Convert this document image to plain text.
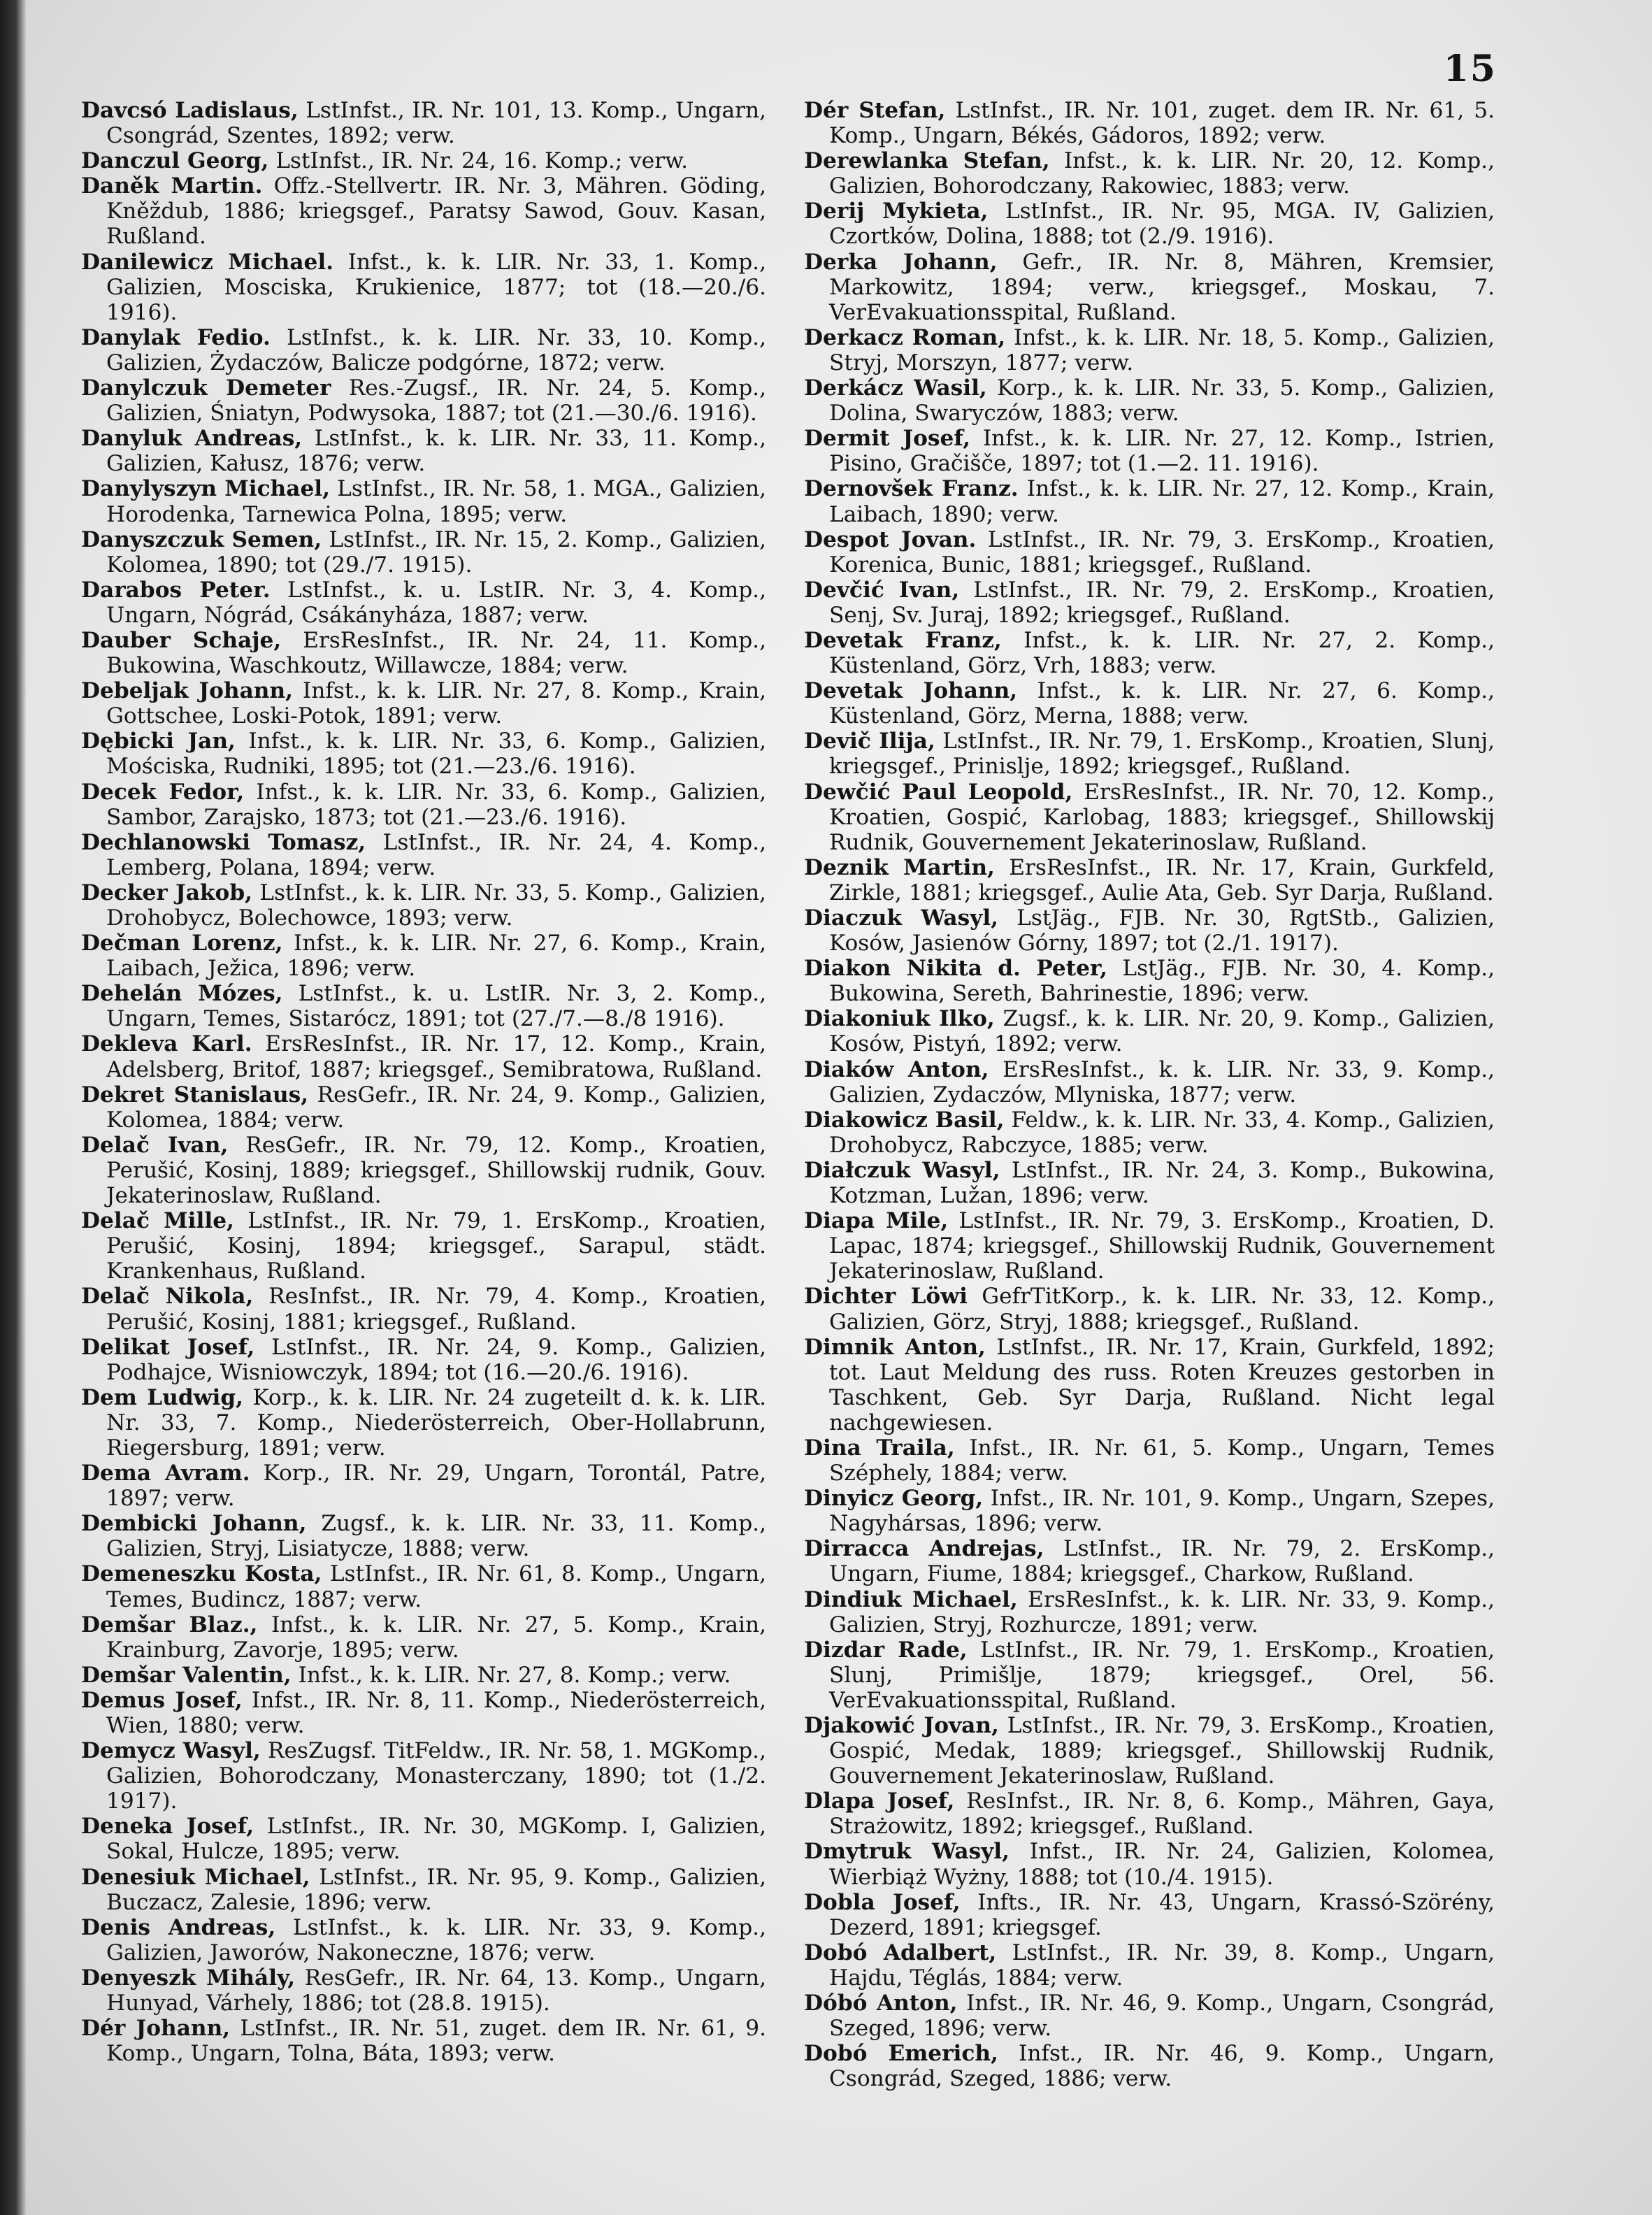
15
Davcsó Ladislaus, LstInfst., IR. Nr. 101, 13. Komp., Ungarn, Csongrád, Szentes, 1892; verw.
Danczul Georg, LstInfst., IR. Nr. 24, 16. Komp.; verw.
Daněk Martin. Offz.-Stellvertr. IR. Nr. 3, Mähren. Göding, Kněždub, 1886; kriegsgef., Paratsy Sawod, Gouv. Kasan, Rußland.
Danilewicz Michael. Infst., k. k. LIR. Nr. 33, 1. Komp., Galizien, Mosciska, Krukienice, 1877; tot (18.—20./6. 1916).
Danylak Fedio. LstInfst., k. k. LIR. Nr. 33, 10. Komp., Galizien, Żydaczów, Balicze podgórne, 1872; verw.
Danylczuk Demeter Res.-Zugsf., IR. Nr. 24, 5. Komp., Galizien, Śniatyn, Podwysoka, 1887; tot (21.—30./6. 1916).
Danyluk Andreas, LstInfst., k. k. LIR. Nr. 33, 11. Komp., Galizien, Kałusz, 1876; verw.
Danylyszyn Michael, LstInfst., IR. Nr. 58, 1. MGA., Galizien, Horodenka, Tarnewica Polna, 1895; verw.
Danyszczuk Semen, LstInfst., IR. Nr. 15, 2. Komp., Galizien, Kolomea, 1890; tot (29./7. 1915).
Darabos Peter. LstInfst., k. u. LstIR. Nr. 3, 4. Komp., Ungarn, Nógrád, Csákányháza, 1887; verw.
Dauber Schaje, ErsResInfst., IR. Nr. 24, 11. Komp., Bukowina, Waschkoutz, Willawcze, 1884; verw.
Debeljak Johann, Infst., k. k. LIR. Nr. 27, 8. Komp., Krain, Gottschee, Loski-Potok, 1891; verw.
Dębicki Jan, Infst., k. k. LIR. Nr. 33, 6. Komp., Galizien, Mościska, Rudniki, 1895; tot (21.—23./6. 1916).
Decek Fedor, Infst., k. k. LIR. Nr. 33, 6. Komp., Galizien, Sambor, Zarajsko, 1873; tot (21.—23./6. 1916).
Dechlanowski Tomasz, LstInfst., IR. Nr. 24, 4. Komp., Lemberg, Polana, 1894; verw.
Decker Jakob, LstInfst., k. k. LIR. Nr. 33, 5. Komp., Galizien, Drohobycz, Bolechowce, 1893; verw.
Dečman Lorenz, Infst., k. k. LIR. Nr. 27, 6. Komp., Krain, Laibach, Ježica, 1896; verw.
Dehelán Mózes, LstInfst., k. u. LstIR. Nr. 3, 2. Komp., Ungarn, Temes, Sistarócz, 1891; tot (27./7.—8./8 1916).
Dekleva Karl. ErsResInfst., IR. Nr. 17, 12. Komp., Krain, Adelsberg, Britof, 1887; kriegsgef., Semibratowa, Rußland.
Dekret Stanislaus, ResGefr., IR. Nr. 24, 9. Komp., Galizien, Kolomea, 1884; verw.
Delač Ivan, ResGefr., IR. Nr. 79, 12. Komp., Kroatien, Perušić, Kosinj, 1889; kriegsgef., Shillowskij rudnik, Gouv. Jekaterinoslaw, Rußland.
Delač Mille, LstInfst., IR. Nr. 79, 1. ErsKomp., Kroatien, Perušić, Kosinj, 1894; kriegsgef., Sarapul, städt. Krankenhaus, Rußland.
Delač Nikola, ResInfst., IR. Nr. 79, 4. Komp., Kroatien, Perušić, Kosinj, 1881; kriegsgef., Rußland.
Delikat Josef, LstInfst., IR. Nr. 24, 9. Komp., Galizien, Podhajce, Wisniowczyk, 1894; tot (16.—20./6. 1916).
Dem Ludwig, Korp., k. k. LIR. Nr. 24 zugeteilt d. k. k. LIR. Nr. 33, 7. Komp., Niederösterreich, Ober-Hollabrunn, Riegersburg, 1891; verw.
Dema Avram. Korp., IR. Nr. 29, Ungarn, Torontál, Patre, 1897; verw.
Dembicki Johann, Zugsf., k. k. LIR. Nr. 33, 11. Komp., Galizien, Stryj, Lisiatycze, 1888; verw.
Demeneszku Kosta, LstInfst., IR. Nr. 61, 8. Komp., Ungarn, Temes, Budincz, 1887; verw.
Demšar Blaz., Infst., k. k. LIR. Nr. 27, 5. Komp., Krain, Krainburg, Zavorje, 1895; verw.
Demšar Valentin, Infst., k. k. LIR. Nr. 27, 8. Komp.; verw.
Demus Josef, Infst., IR. Nr. 8, 11. Komp., Niederösterreich, Wien, 1880; verw.
Demycz Wasyl, ResZugsf. TitFeldw., IR. Nr. 58, 1. MGKomp., Galizien, Bohorodczany, Monasterczany, 1890; tot (1./2. 1917).
Deneka Josef, LstInfst., IR. Nr. 30, MGKomp. I, Galizien, Sokal, Hulcze, 1895; verw.
Denesiuk Michael, LstInfst., IR. Nr. 95, 9. Komp., Galizien, Buczacz, Zalesie, 1896; verw.
Denis Andreas, LstInfst., k. k. LIR. Nr. 33, 9. Komp., Galizien, Jaworów, Nakoneczne, 1876; verw.
Denyeszk Mihály, ResGefr., IR. Nr. 64, 13. Komp., Ungarn, Hunyad, Várhely, 1886; tot (28.8. 1915).
Dér Johann, LstInfst., IR. Nr. 51, zuget. dem IR. Nr. 61, 9. Komp., Ungarn, Tolna, Báta, 1893; verw.
Dér Stefan, LstInfst., IR. Nr. 101, zuget. dem IR. Nr. 61, 5. Komp., Ungarn, Békés, Gádoros, 1892; verw.
Derewlanka Stefan, Infst., k. k. LIR. Nr. 20, 12. Komp., Galizien, Bohorodczany, Rakowiec, 1883; verw.
Derij Mykieta, LstInfst., IR. Nr. 95, MGA. IV, Galizien, Czortków, Dolina, 1888; tot (2./9. 1916).
Derka Johann, Gefr., IR. Nr. 8, Mähren, Kremsier, Markowitz, 1894; verw., kriegsgef., Moskau, 7. VerEvakuationsspital, Rußland.
Derkacz Roman, Infst., k. k. LIR. Nr. 18, 5. Komp., Galizien, Stryj, Morszyn, 1877; verw.
Derkácz Wasil, Korp., k. k. LIR. Nr. 33, 5. Komp., Galizien, Dolina, Swaryczów, 1883; verw.
Dermit Josef, Infst., k. k. LIR. Nr. 27, 12. Komp., Istrien, Pisino, Gračišče, 1897; tot (1.—2. 11. 1916).
Dernovšek Franz. Infst., k. k. LIR. Nr. 27, 12. Komp., Krain, Laibach, 1890; verw.
Despot Jovan. LstInfst., IR. Nr. 79, 3. ErsKomp., Kroatien, Korenica, Bunic, 1881; kriegsgef., Rußland.
Devčić Ivan, LstInfst., IR. Nr. 79, 2. ErsKomp., Kroatien, Senj, Sv. Juraj, 1892; kriegsgef., Rußland.
Devetak Franz, Infst., k. k. LIR. Nr. 27, 2. Komp., Küstenland, Görz, Vrh, 1883; verw.
Devetak Johann, Infst., k. k. LIR. Nr. 27, 6. Komp., Küstenland, Görz, Merna, 1888; verw.
Devič Ilija, LstInfst., IR. Nr. 79, 1. ErsKomp., Kroatien, Slunj, kriegsgef., Prinislje, 1892; kriegsgef., Rußland.
Dewčić Paul Leopold, ErsResInfst., IR. Nr. 70, 12. Komp., Kroatien, Gospić, Karlobag, 1883; kriegsgef., Shillowskij Rudnik, Gouvernement Jekaterinoslaw, Rußland.
Deznik Martin, ErsResInfst., IR. Nr. 17, Krain, Gurkfeld, Zirkle, 1881; kriegsgef., Aulie Ata, Geb. Syr Darja, Rußland.
Diaczuk Wasyl, LstJäg., FJB. Nr. 30, RgtStb., Galizien, Kosów, Jasienów Górny, 1897; tot (2./1. 1917).
Diakon Nikita d. Peter, LstJäg., FJB. Nr. 30, 4. Komp., Bukowina, Sereth, Bahrinestie, 1896; verw.
Diakoniuk Ilko, Zugsf., k. k. LIR. Nr. 20, 9. Komp., Galizien, Kosów, Pistyń, 1892; verw.
Diaków Anton, ErsResInfst., k. k. LIR. Nr. 33, 9. Komp., Galizien, Zydaczów, Mlyniska, 1877; verw.
Diakowicz Basil, Feldw., k. k. LIR. Nr. 33, 4. Komp., Galizien, Drohobycz, Rabczyce, 1885; verw.
Diałczuk Wasyl, LstInfst., IR. Nr. 24, 3. Komp., Bukowina, Kotzman, Lužan, 1896; verw.
Diapa Mile, LstInfst., IR. Nr. 79, 3. ErsKomp., Kroatien, D. Lapac, 1874; kriegsgef., Shillowskij Rudnik, Gouvernement Jekaterinoslaw, Rußland.
Dichter Löwi GefrTitKorp., k. k. LIR. Nr. 33, 12. Komp., Galizien, Görz, Stryj, 1888; kriegsgef., Rußland.
Dimnik Anton, LstInfst., IR. Nr. 17, Krain, Gurkfeld, 1892; tot. Laut Meldung des russ. Roten Kreuzes gestorben in Taschkent, Geb. Syr Darja, Rußland. Nicht legal nachgewiesen.
Dina Traila, Infst., IR. Nr. 61, 5. Komp., Ungarn, Temes Széphely, 1884; verw.
Dinyicz Georg, Infst., IR. Nr. 101, 9. Komp., Ungarn, Szepes, Nagyhársas, 1896; verw.
Dirracca Andrejas, LstInfst., IR. Nr. 79, 2. ErsKomp., Ungarn, Fiume, 1884; kriegsgef., Charkow, Rußland.
Dindiuk Michael, ErsResInfst., k. k. LIR. Nr. 33, 9. Komp., Galizien, Stryj, Rozhurcze, 1891; verw.
Dizdar Rade, LstInfst., IR. Nr. 79, 1. ErsKomp., Kroatien, Slunj, Primišlje, 1879; kriegsgef., Orel, 56. VerEvakuationsspital, Rußland.
Djakowić Jovan, LstInfst., IR. Nr. 79, 3. ErsKomp., Kroatien, Gospić, Medak, 1889; kriegsgef., Shillowskij Rudnik, Gouvernement Jekaterinoslaw, Rußland.
Dlapa Josef, ResInfst., IR. Nr. 8, 6. Komp., Mähren, Gaya, Strażowitz, 1892; kriegsgef., Rußland.
Dmytruk Wasyl, Infst., IR. Nr. 24, Galizien, Kolomea, Wierbiąż Wyżny, 1888; tot (10./4. 1915).
Dobla Josef, Infts., IR. Nr. 43, Ungarn, Krassó-Szörény, Dezerd, 1891; kriegsgef.
Dobó Adalbert, LstInfst., IR. Nr. 39, 8. Komp., Ungarn, Hajdu, Téglás, 1884; verw.
Dóbó Anton, Infst., IR. Nr. 46, 9. Komp., Ungarn, Csongrád, Szeged, 1896; verw.
Dobó Emerich, Infst., IR. Nr. 46, 9. Komp., Ungarn, Csongrád, Szeged, 1886; verw.
